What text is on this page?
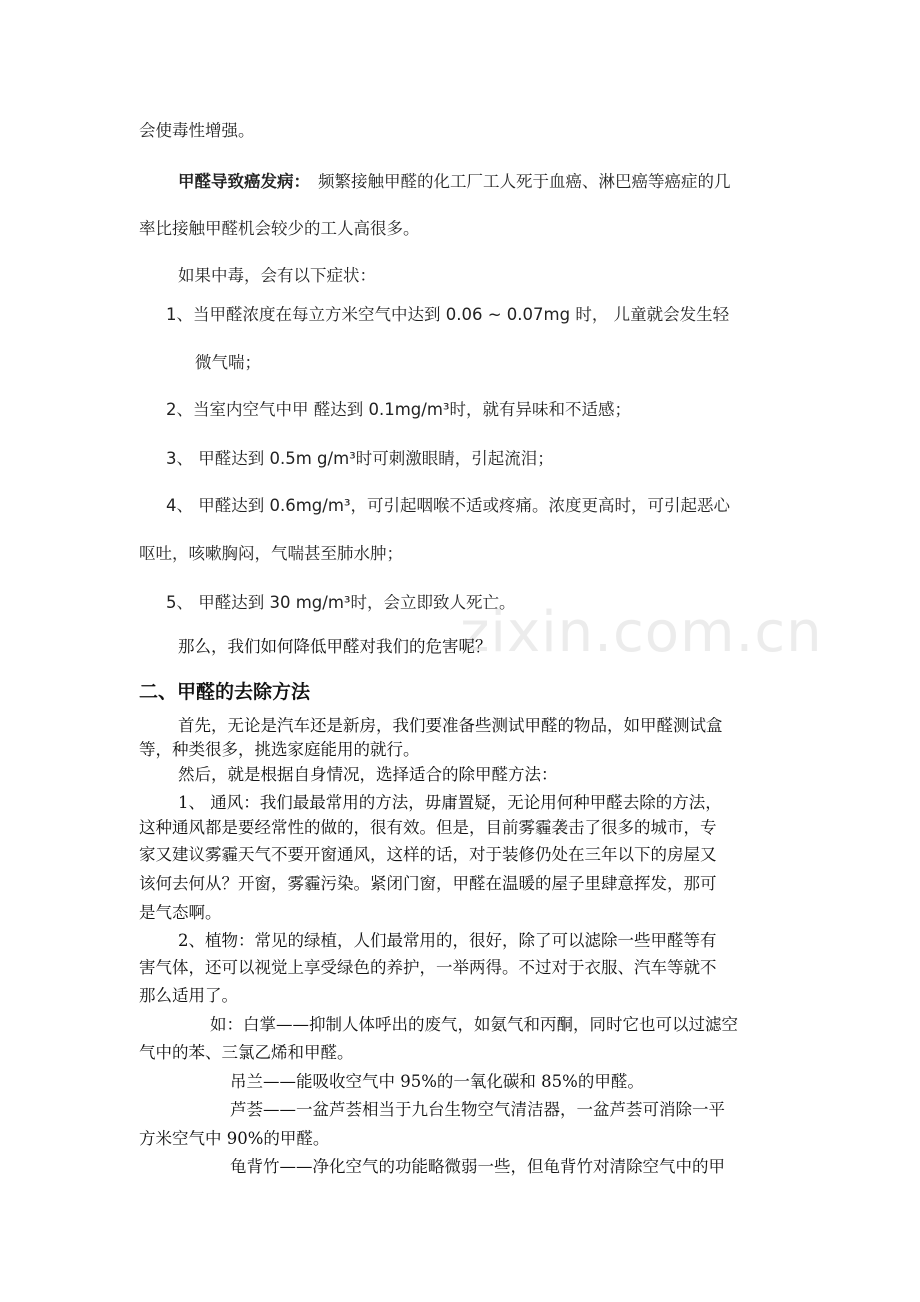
zixin.com.cn
会使毒性增强。
甲醛导致癌发病： 频繁接触甲醛的化工厂工人死于血癌、淋巴癌等癌症的几
率比接触甲醛机会较少的工人高很多。
如果中毒，会有以下症状：
1、当甲醛浓度在每立方米空气中达到 0.06 ~ 0.07mg 时， 儿童就会发生轻
微气喘；
2、当室内空气中甲 醛达到 0.1mg/m³时，就有异味和不适感；
3、 甲醛达到 0.5m g/m³时可刺激眼睛，引起流泪；
4、 甲醛达到 0.6mg/m³，可引起咽喉不适或疼痛。浓度更高时，可引起恶心
呕吐，咳嗽胸闷，气喘甚至肺水肿；
5、 甲醛达到 30 mg/m³时，会立即致人死亡。
那么，我们如何降低甲醛对我们的危害呢？
二、甲醛的去除方法
首先，无论是汽车还是新房，我们要准备些测试甲醛的物品，如甲醛测试盒
等，种类很多，挑选家庭能用的就行。
然后，就是根据自身情况，选择适合的除甲醛方法：
1、 通风：我们最最常用的方法，毋庸置疑，无论用何种甲醛去除的方法，
这种通风都是要经常性的做的，很有效。但是，目前雾霾袭击了很多的城市，专
家又建议雾霾天气不要开窗通风，这样的话，对于装修仍处在三年以下的房屋又
该何去何从？开窗，雾霾污染。紧闭门窗，甲醛在温暖的屋子里肆意挥发，那可
是气态啊。
2、植物：常见的绿植，人们最常用的，很好，除了可以滤除一些甲醛等有
害气体，还可以视觉上享受绿色的养护，一举两得。不过对于衣服、汽车等就不
那么适用了。
如：白掌——抑制人体呼出的废气，如氨气和丙酮，同时它也可以过滤空
气中的苯、三氯乙烯和甲醛。
吊兰——能吸收空气中 95%的一氧化碳和 85%的甲醛。
芦荟——一盆芦荟相当于九台生物空气清洁器，一盆芦荟可消除一平
方米空气中 90%的甲醛。
龟背竹——净化空气的功能略微弱一些，但龟背竹对清除空气中的甲
